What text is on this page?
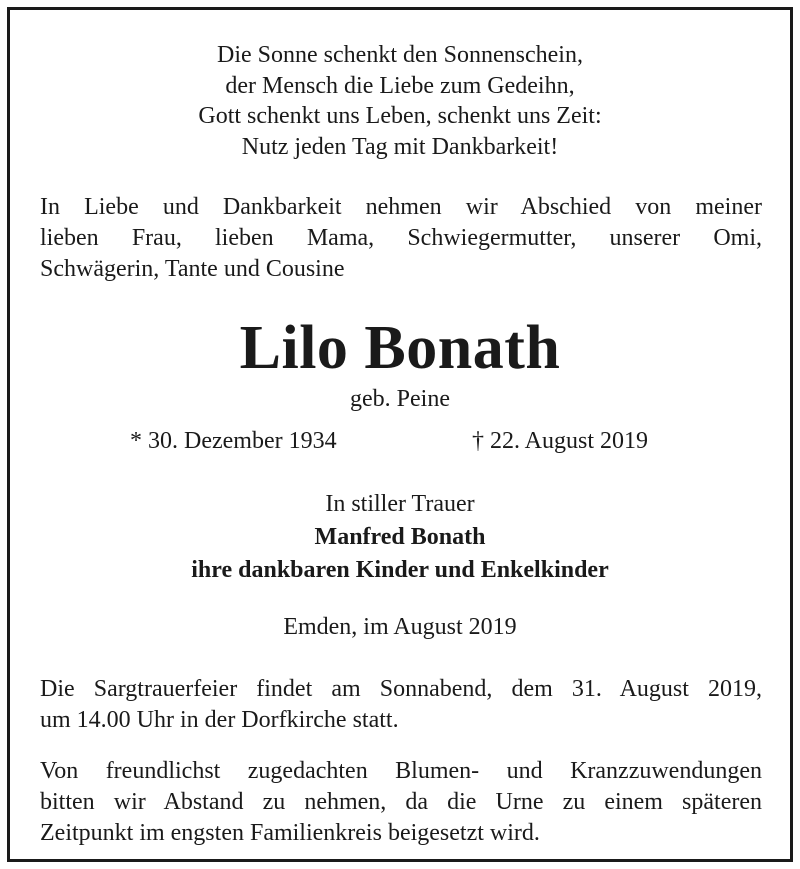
Die Sonne schenkt den Sonnenschein,
der Mensch die Liebe zum Gedeihn,
Gott schenkt uns Leben, schenkt uns Zeit:
Nutz jeden Tag mit Dankbarkeit!
In Liebe und Dankbarkeit nehmen wir Abschied von meiner
lieben Frau, lieben Mama, Schwiegermutter, unserer Omi,
Schwägerin, Tante und Cousine
Lilo Bonath
geb. Peine
* 30. Dezember 1934	† 22. August 2019
In stiller Trauer
Manfred Bonath
ihre dankbaren Kinder und Enkelkinder
Emden, im August 2019
Die Sargtrauerfeier findet am Sonnabend, dem 31. August 2019,
um 14.00 Uhr in der Dorfkirche statt.
Von freundlichst zugedachten Blumen- und Kranzzuwendungen
bitten wir Abstand zu nehmen, da die Urne zu einem späteren
Zeitpunkt im engsten Familienkreis beigesetzt wird.
